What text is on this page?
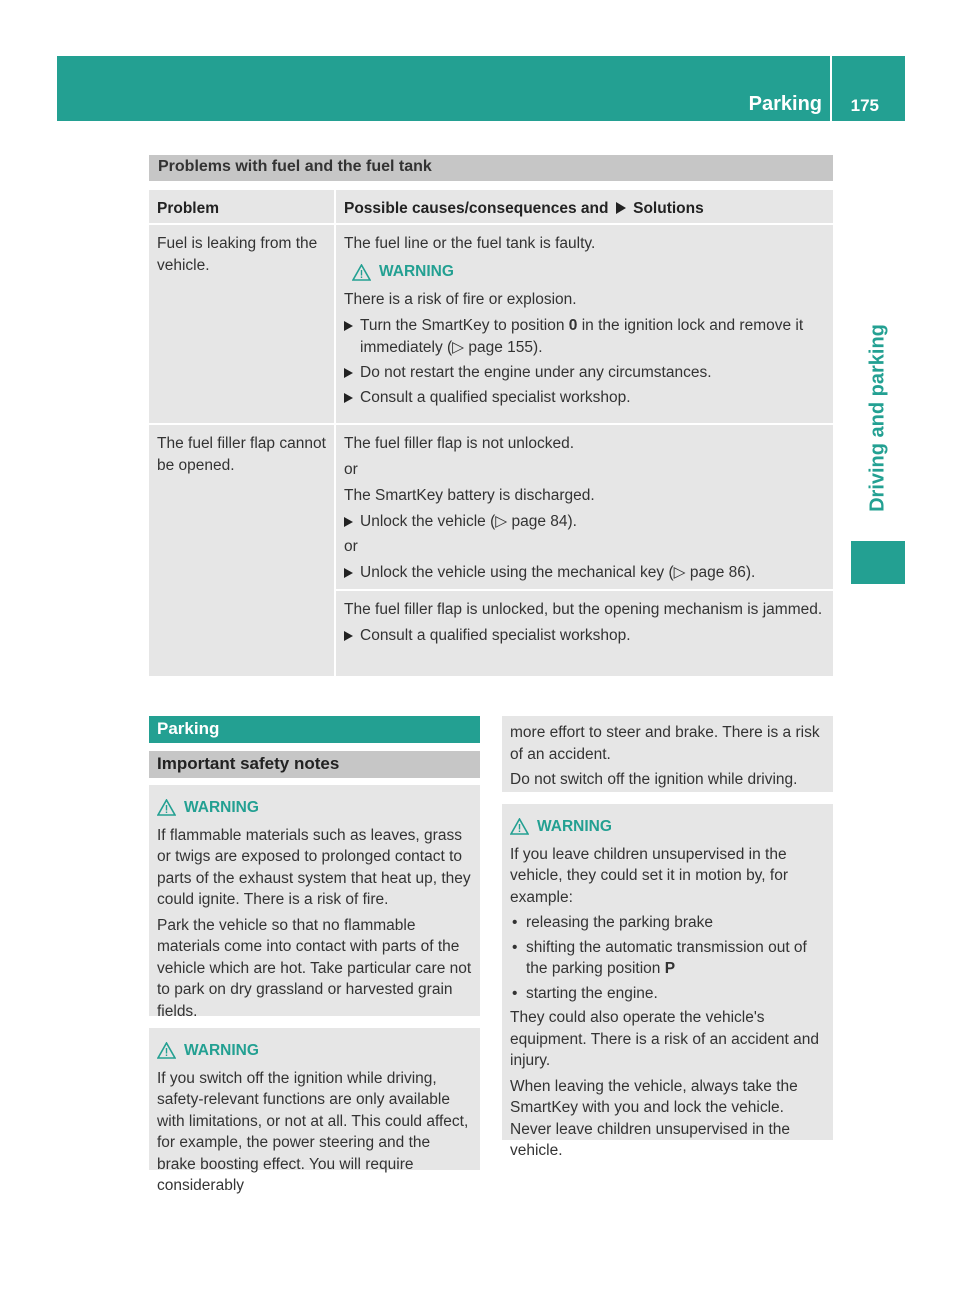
Parking 175
Driving and parking
Problems with fuel and the fuel tank
Problem	Possible causes/consequences and Solutions
Fuel is leaking from the vehicle.
The fuel line or the fuel tank is faulty.
WARNING
There is a risk of fire or explosion.
Turn the SmartKey to position 0 in the ignition lock and remove it immediately (▷ page 155).
Do not restart the engine under any circumstances.
Consult a qualified specialist workshop.
The fuel filler flap cannot be opened.
The fuel filler flap is not unlocked.
or
The SmartKey battery is discharged.
Unlock the vehicle (▷ page 84).
or
Unlock the vehicle using the mechanical key (▷ page 86).
The fuel filler flap is unlocked, but the opening mechanism is jammed.
Consult a qualified specialist workshop.
Parking
Important safety notes
WARNING
If flammable materials such as leaves, grass or twigs are exposed to prolonged contact to parts of the exhaust system that heat up, they could ignite. There is a risk of fire.
Park the vehicle so that no flammable materials come into contact with parts of the vehicle which are hot. Take particular care not to park on dry grassland or harvested grain fields.
WARNING
If you switch off the ignition while driving, safety-relevant functions are only available with limitations, or not at all. This could affect, for example, the power steering and the brake boosting effect. You will require considerably
more effort to steer and brake. There is a risk of an accident.
Do not switch off the ignition while driving.
WARNING
If you leave children unsupervised in the vehicle, they could set it in motion by, for example:
• releasing the parking brake
• shifting the automatic transmission out of the parking position P
• starting the engine.
They could also operate the vehicle's equipment. There is a risk of an accident and injury.
When leaving the vehicle, always take the SmartKey with you and lock the vehicle. Never leave children unsupervised in the vehicle.
